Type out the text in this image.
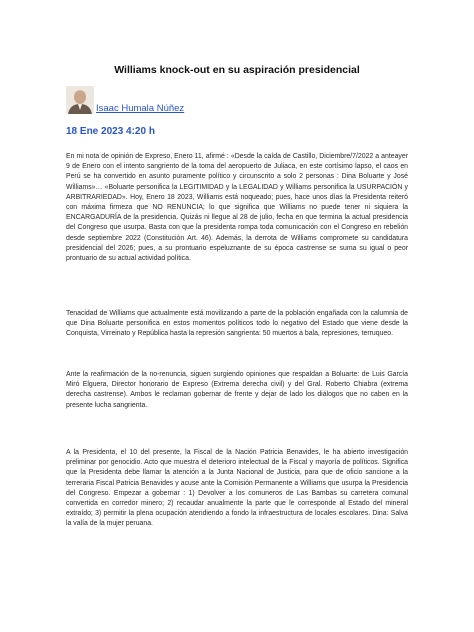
Williams knock-out en su aspiración presidencial
Isaac Humala Núñez
18 Ene 2023 4:20 h

En mi nota de opinión de Expreso, Enero 11, afirmé : «Desde la caída de Castillo, Diciembre/7/2022 a anteayer 9 de Enero con el intento sangriento de la toma del aeropuerto de Juliaca, en este cortísimo lapso, el caos en Perú se ha convertido en asunto puramente político y circunscrito a solo 2 personas : Dina Boluarte y José Williams»… «Boluarte personifica la LEGITIMIDAD y la LEGALIDAD y Williams personifica la USURPACIÓN y ARBITRARIEDAD». Hoy, Enero 18 2023, Williams está noqueado; pues, hace unos días la Presidenta reiteró con máxima firmeza que NO RENUNCIA; lo que significa que Williams no puede tener ni siquiera la ENCARGADURÍA de la presidencia. Quizás ni llegue al 28 de julio, fecha en que termina la actual presidencia del Congreso que usurpa. Basta con que la presidenta rompa toda comunicación con el Congreso en rebelión desde septiembre 2022 (Constitución Art. 46). Además, la derrota de Williams compromete su candidatura presidencial del 2026; pues, a su prontuario espeluznante de su época castrense se suma su igual o peor prontuario de su actual actividad política.

Tenacidad de Williams que actualmente está movilizando a parte de la población engañada con la calumnia de que Dina Boluarte personifica en estos momentos políticos todo lo negativo del Estado que viene desde la Conquista, Virreinato y República hasta la represión sangrienta: 50 muertos a bala, represiones, terruqueo.

Ante la reafirmación de la no-renuncia, siguen surgiendo opiniones que respaldan a Boluarte: de Luis García Miró Elguera, Director honorario de Expreso (Extrema derecha civil) y del Gral. Roberto Chiabra (extrema derecha castrense). Ambos le reclaman gobernar de frente y dejar de lado los diálogos que no caben en la presente lucha sangrienta.

A la Presidenta, el 10 del presente, la Fiscal de la Nación Patricia Benavides, le ha abierto investigación preliminar por genocidio. Acto que muestra el deterioro intelectual de la Fiscal y mayoría de políticos. Significa que la Presidenta debe llamar la atención a la Junta Nacional de Justicia, para que de oficio sancione a la terreraria Fiscal Patricia Benavides y acuse ante la Comisión Permanente a Williams que usurpa la Presidencia del Congreso. Empezar a gobernar : 1) Devolver a los comuneros de Las Bambas su carretera comunal convertida en corredor minero; 2) recaudar anualmente la parte que le corresponde al Estado del mineral extraído; 3) permitir la plena ocupación atendiendo a fondo la infraestructura de locales escolares. Dina: Salva la valía de la mujer peruana.
